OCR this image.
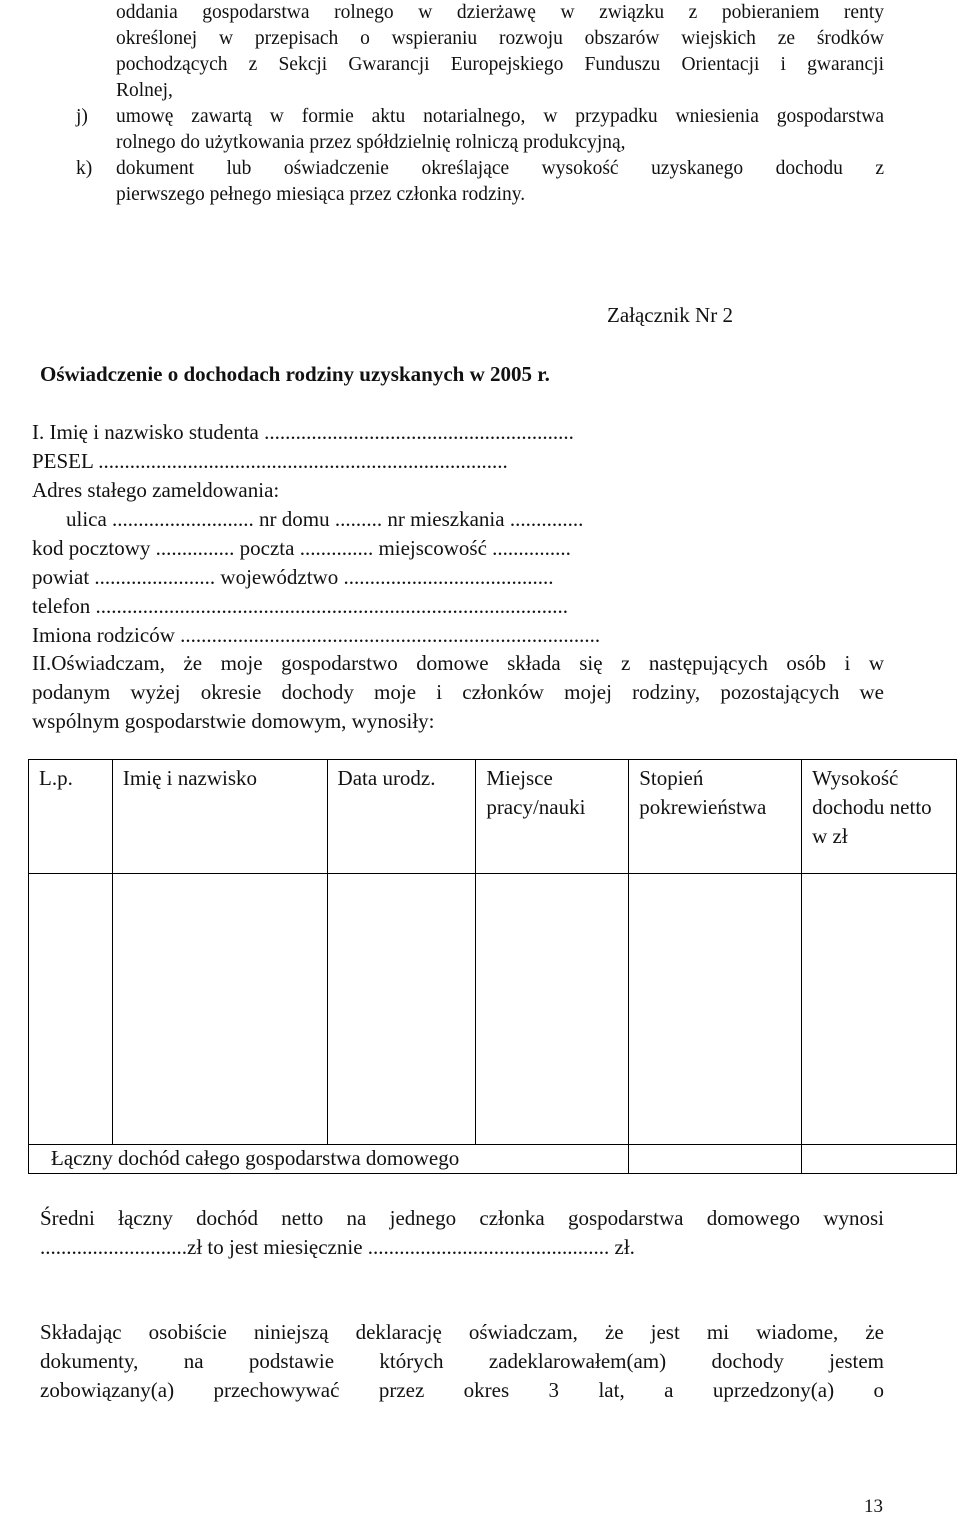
oddania gospodarstwa rolnego w dzierżawę w związku z pobieraniem renty
określonej w przepisach o wspieraniu rozwoju obszarów wiejskich ze środków
pochodzących z Sekcji Gwarancji Europejskiego Funduszu Orientacji i gwarancji
Rolnej,
j)	umowę zawartą w formie aktu notarialnego, w przypadku wniesienia gospodarstwa
rolnego do użytkowania przez spółdzielnię rolniczą produkcyjną,
k)	dokument lub oświadczenie określające wysokość uzyskanego dochodu z
pierwszego pełnego miesiąca przez członka rodziny.
Załącznik Nr 2
Oświadczenie o dochodach rodziny uzyskanych w 2005 r.
I. Imię i nazwisko studenta ...........................................................
PESEL ..............................................................................
Adres stałego zameldowania:
ulica ........................... nr domu ......... nr mieszkania ..............
kod pocztowy ............... poczta .............. miejscowość ...............
powiat ....................... województwo ........................................
telefon ..........................................................................................
Imiona rodziców ................................................................................
II.Oświadczam, że moje gospodarstwo domowe składa się z następujących osób i w
podanym wyżej okresie dochody moje i członków mojej rodziny, pozostających we
wspólnym gospodarstwie domowym, wynosiły:
L.p.	Imię i nazwisko	Data urodz.	Miejsce pracy/nauki	Stopień pokrewieństwa	Wysokość dochodu netto w zł

Łączny dochód całego gospodarstwa domowego					
Średni łączny dochód netto na jednego członka gospodarstwa domowego wynosi
............................zł to jest miesięcznie .............................................. zł.
Składając osobiście niniejszą deklarację oświadczam, że jest mi wiadome, że
dokumenty, na podstawie których zadeklarowałem(am) dochody jestem
zobowiązany(a) przechowywać przez okres 3 lat, a uprzedzony(a) o
13
